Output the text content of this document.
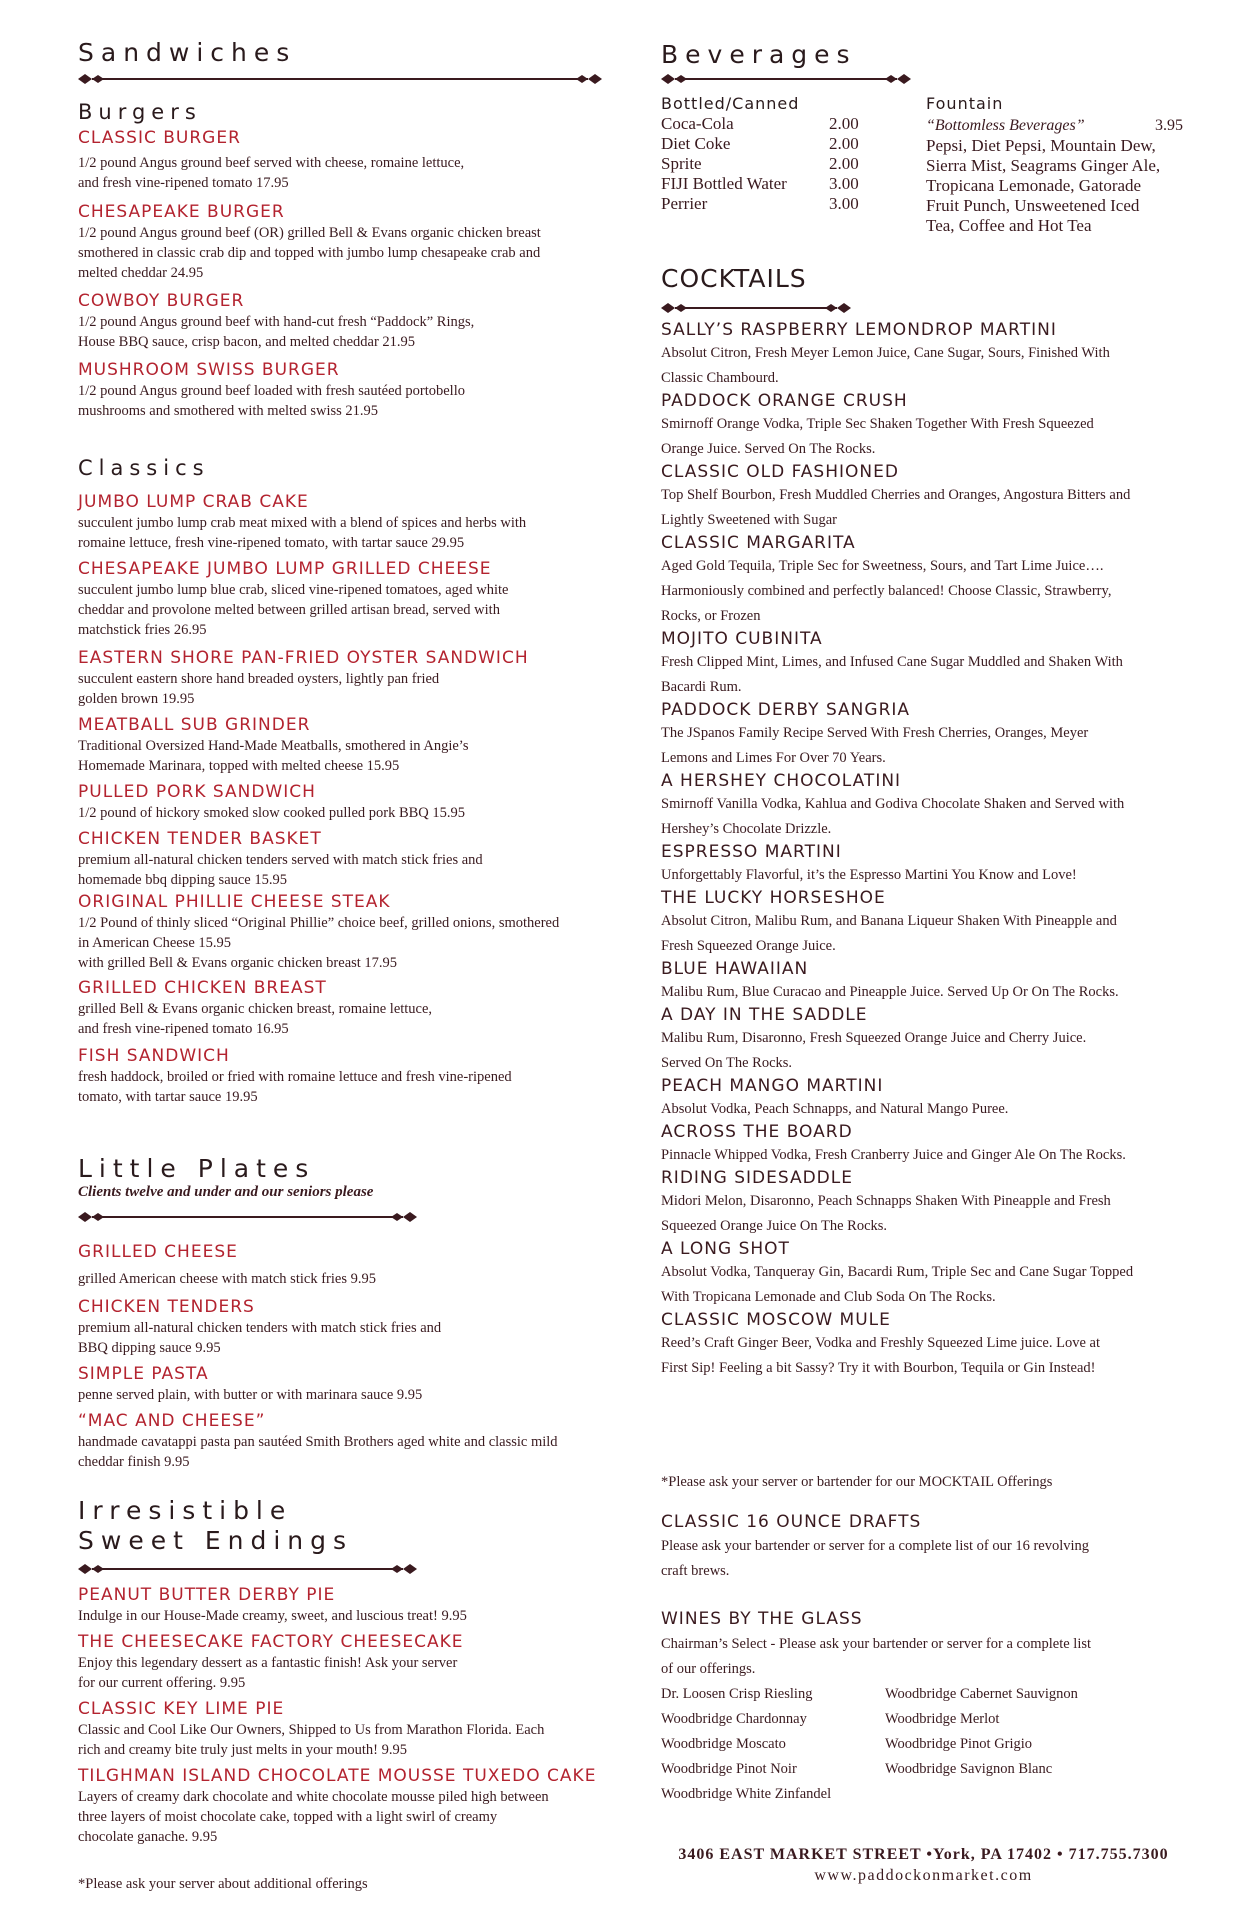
Sandwiches
Burgers
CLASSIC BURGER
1/2 pound Angus ground beef served with cheese, romaine lettuce,
and fresh vine-ripened tomato 17.95
CHESAPEAKE BURGER
1/2 pound Angus ground beef (OR) grilled Bell & Evans organic chicken breast
smothered in classic crab dip and topped with jumbo lump chesapeake crab and
melted cheddar 24.95
COWBOY BURGER
1/2 pound Angus ground beef with hand-cut fresh “Paddock” Rings,
House BBQ sauce, crisp bacon, and melted cheddar 21.95
MUSHROOM SWISS BURGER
1/2 pound Angus ground beef loaded with fresh sautéed portobello
mushrooms and smothered with melted swiss 21.95
Classics
JUMBO LUMP CRAB CAKE
succulent jumbo lump crab meat mixed with a blend of spices and herbs with
romaine lettuce, fresh vine-ripened tomato, with tartar sauce 29.95
CHESAPEAKE JUMBO LUMP GRILLED CHEESE
succulent jumbo lump blue crab, sliced vine-ripened tomatoes, aged white
cheddar and provolone melted between grilled artisan bread, served with
matchstick fries 26.95
EASTERN SHORE PAN-FRIED OYSTER SANDWICH
succulent eastern shore hand breaded oysters, lightly pan fried
golden brown 19.95
MEATBALL SUB GRINDER
Traditional Oversized Hand-Made Meatballs, smothered in Angie’s
Homemade Marinara, topped with melted cheese 15.95
PULLED PORK SANDWICH
1/2 pound of hickory smoked slow cooked pulled pork BBQ 15.95
CHICKEN TENDER BASKET
premium all-natural chicken tenders served with match stick fries and
homemade bbq dipping sauce 15.95
ORIGINAL PHILLIE CHEESE STEAK
1/2 Pound of thinly sliced “Original Phillie” choice beef, grilled onions, smothered
in American Cheese 15.95
with grilled Bell & Evans organic chicken breast 17.95
GRILLED CHICKEN BREAST
grilled Bell & Evans organic chicken breast, romaine lettuce,
and fresh vine-ripened tomato 16.95
FISH SANDWICH
fresh haddock, broiled or fried with romaine lettuce and fresh vine-ripened
tomato, with tartar sauce 19.95
Little Plates
Clients twelve and under and our seniors please
GRILLED CHEESE
grilled American cheese with match stick fries 9.95
CHICKEN TENDERS
premium all-natural chicken tenders with match stick fries and
BBQ dipping sauce 9.95
SIMPLE PASTA
penne served plain, with butter or with marinara sauce 9.95
“MAC AND CHEESE”
handmade cavatappi pasta pan sautéed Smith Brothers aged white and classic mild
cheddar finish 9.95
Irresistible
Sweet Endings
PEANUT BUTTER DERBY PIE
Indulge in our House-Made creamy, sweet, and luscious treat! 9.95
THE CHEESECAKE FACTORY CHEESECAKE
Enjoy this legendary dessert as a fantastic finish! Ask your server
for our current offering. 9.95
CLASSIC KEY LIME PIE
Classic and Cool Like Our Owners, Shipped to Us from Marathon Florida. Each
rich and creamy bite truly just melts in your mouth! 9.95
TILGHMAN ISLAND CHOCOLATE MOUSSE TUXEDO CAKE
Layers of creamy dark chocolate and white chocolate mousse piled high between
three layers of moist chocolate cake, topped with a light swirl of creamy
chocolate ganache. 9.95
*Please ask your server about additional offerings
Beverages
Bottled/Canned
Coca-Cola	2.00
Diet Coke	2.00
Sprite	2.00
FIJI Bottled Water	3.00
Perrier	3.00
Fountain
“Bottomless Beverages”	3.95
Pepsi, Diet Pepsi, Mountain Dew,
Sierra Mist, Seagrams Ginger Ale,
Tropicana Lemonade, Gatorade
Fruit Punch, Unsweetened Iced
Tea, Coffee and Hot Tea
COCKTAILS
SALLY’S RASPBERRY LEMONDROP MARTINI
Absolut Citron, Fresh Meyer Lemon Juice, Cane Sugar, Sours, Finished With
Classic Chambourd.
PADDOCK ORANGE CRUSH
Smirnoff Orange Vodka, Triple Sec Shaken Together With Fresh Squeezed
Orange Juice. Served On The Rocks.
CLASSIC OLD FASHIONED
Top Shelf Bourbon, Fresh Muddled Cherries and Oranges, Angostura Bitters and
Lightly Sweetened with Sugar
CLASSIC MARGARITA
Aged Gold Tequila, Triple Sec for Sweetness, Sours, and Tart Lime Juice….
Harmoniously combined and perfectly balanced! Choose Classic, Strawberry,
Rocks, or Frozen
MOJITO CUBINITA
Fresh Clipped Mint, Limes, and Infused Cane Sugar Muddled and Shaken With
Bacardi Rum.
PADDOCK DERBY SANGRIA
The JSpanos Family Recipe Served With Fresh Cherries, Oranges, Meyer
Lemons and Limes For Over 70 Years.
A HERSHEY CHOCOLATINI
Smirnoff Vanilla Vodka, Kahlua and Godiva Chocolate Shaken and Served with
Hershey’s Chocolate Drizzle.
ESPRESSO MARTINI
Unforgettably Flavorful, it’s the Espresso Martini You Know and Love!
THE LUCKY HORSESHOE
Absolut Citron, Malibu Rum, and Banana Liqueur Shaken With Pineapple and
Fresh Squeezed Orange Juice.
BLUE HAWAIIAN
Malibu Rum, Blue Curacao and Pineapple Juice. Served Up Or On The Rocks.
A DAY IN THE SADDLE
Malibu Rum, Disaronno, Fresh Squeezed Orange Juice and Cherry Juice.
Served On The Rocks.
PEACH MANGO MARTINI
Absolut Vodka, Peach Schnapps, and Natural Mango Puree.
ACROSS THE BOARD
Pinnacle Whipped Vodka, Fresh Cranberry Juice and Ginger Ale On The Rocks.
RIDING SIDESADDLE
Midori Melon, Disaronno, Peach Schnapps Shaken With Pineapple and Fresh
Squeezed Orange Juice On The Rocks.
A LONG SHOT
Absolut Vodka, Tanqueray Gin, Bacardi Rum, Triple Sec and Cane Sugar Topped
With Tropicana Lemonade and Club Soda On The Rocks.
CLASSIC MOSCOW MULE
Reed’s Craft Ginger Beer, Vodka and Freshly Squeezed Lime juice. Love at
First Sip! Feeling a bit Sassy? Try it with Bourbon, Tequila or Gin Instead!
*Please ask your server or bartender for our MOCKTAIL Offerings
CLASSIC 16 OUNCE DRAFTS
Please ask your bartender or server for a complete list of our 16 revolving
craft brews.
WINES BY THE GLASS
Chairman’s Select - Please ask your bartender or server for a complete list
of our offerings.
Dr. Loosen Crisp Riesling
Woodbridge Chardonnay
Woodbridge Moscato
Woodbridge Pinot Noir
Woodbridge White Zinfandel
Woodbridge Cabernet Sauvignon
Woodbridge Merlot
Woodbridge Pinot Grigio
Woodbridge Savignon Blanc
3406 EAST MARKET STREET •York, PA 17402 • 717.755.7300
www.paddockonmarket.com
